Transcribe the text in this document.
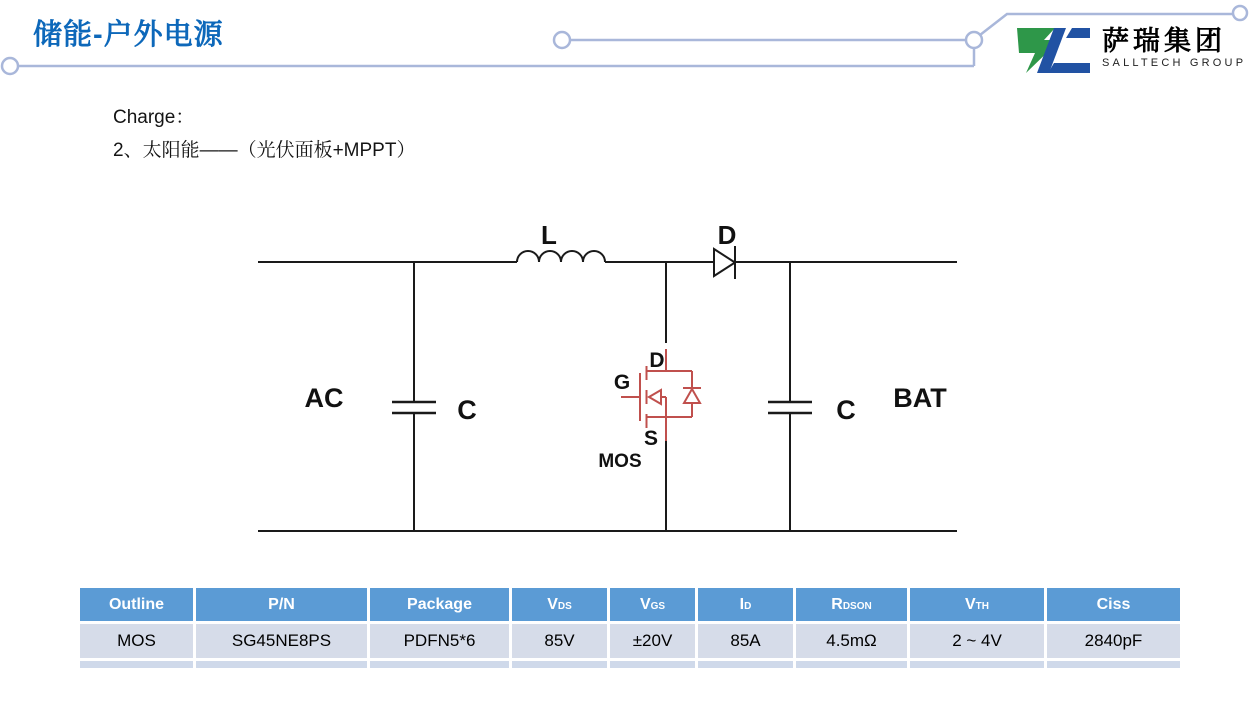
储能-户外电源	萨瑞集团
SALLTECH GROUP
Charge：
2、太阳能——（光伏面板+MPPT）
L	D
AC	C	C BAT
D
G
S
MOS
Outline	P/N	Package	$V_{DS}$	$V_{GS}$	$I_D$	$R_{DSON}$	$V_{TH}$	Ciss
MOS	SG45NE8PS	PDFN5*6	85V	±20V	85A	4.5mΩ	2 ~ 4V	2840pF
